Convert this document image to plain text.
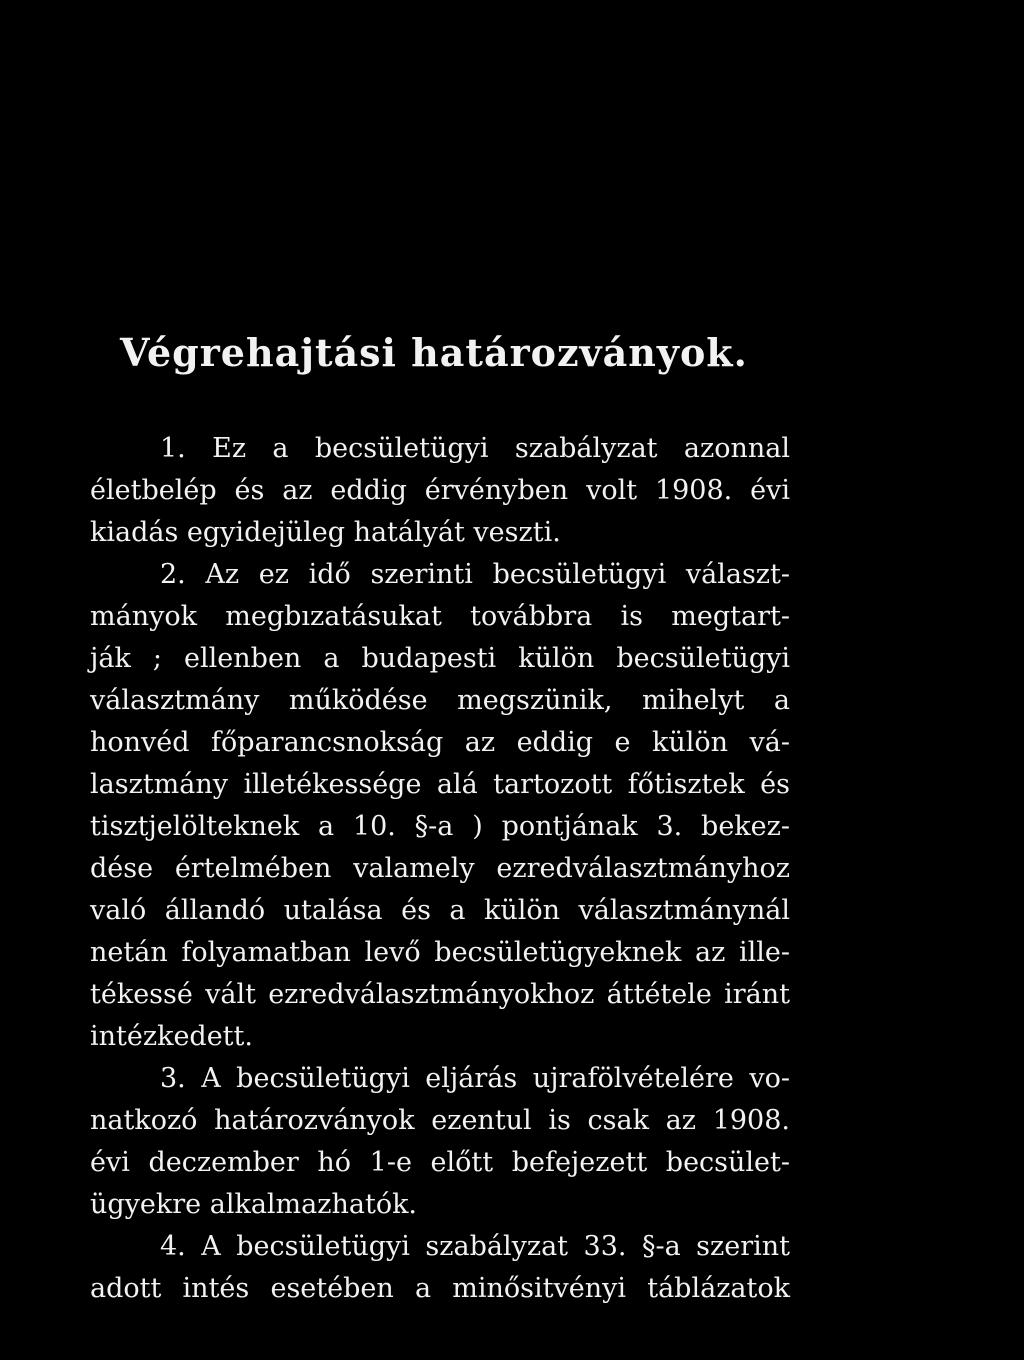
Végrehajtási határozványok.
1. Ez a becsületügyi szabályzat azonnal
életbelép és az eddig érvényben volt 1908. évi
kiadás egyidejüleg hatályát veszti.
2. Az ez idő szerinti becsületügyi választ-
mányok megbızatásukat továbbra is megtart-
ják ; ellenben a budapesti külön becsületügyi
választmány működése megszünik, mihelyt a
honvéd főparancsnokság az eddig e külön vá-
lasztmány illetékessége alá tartozott főtisztek és
tisztjelölteknek a 10. §-a ) pontjának 3. bekez-
dése értelmében valamely ezredválasztmányhoz
való állandó utalása és a külön választmánynál
netán folyamatban levő becsületügyeknek az ille-
tékessé vált ezredválasztmányokhoz áttétele iránt
intézkedett.
3. A becsületügyi eljárás ujrafölvételére vo-
natkozó határozványok ezentul is csak az 1908.
évi deczember hó 1-e előtt befejezett becsület-
ügyekre alkalmazhatók.
4. A becsületügyi szabályzat 33. §-a szerint
adott intés esetében a minősitvényi táblázatok
